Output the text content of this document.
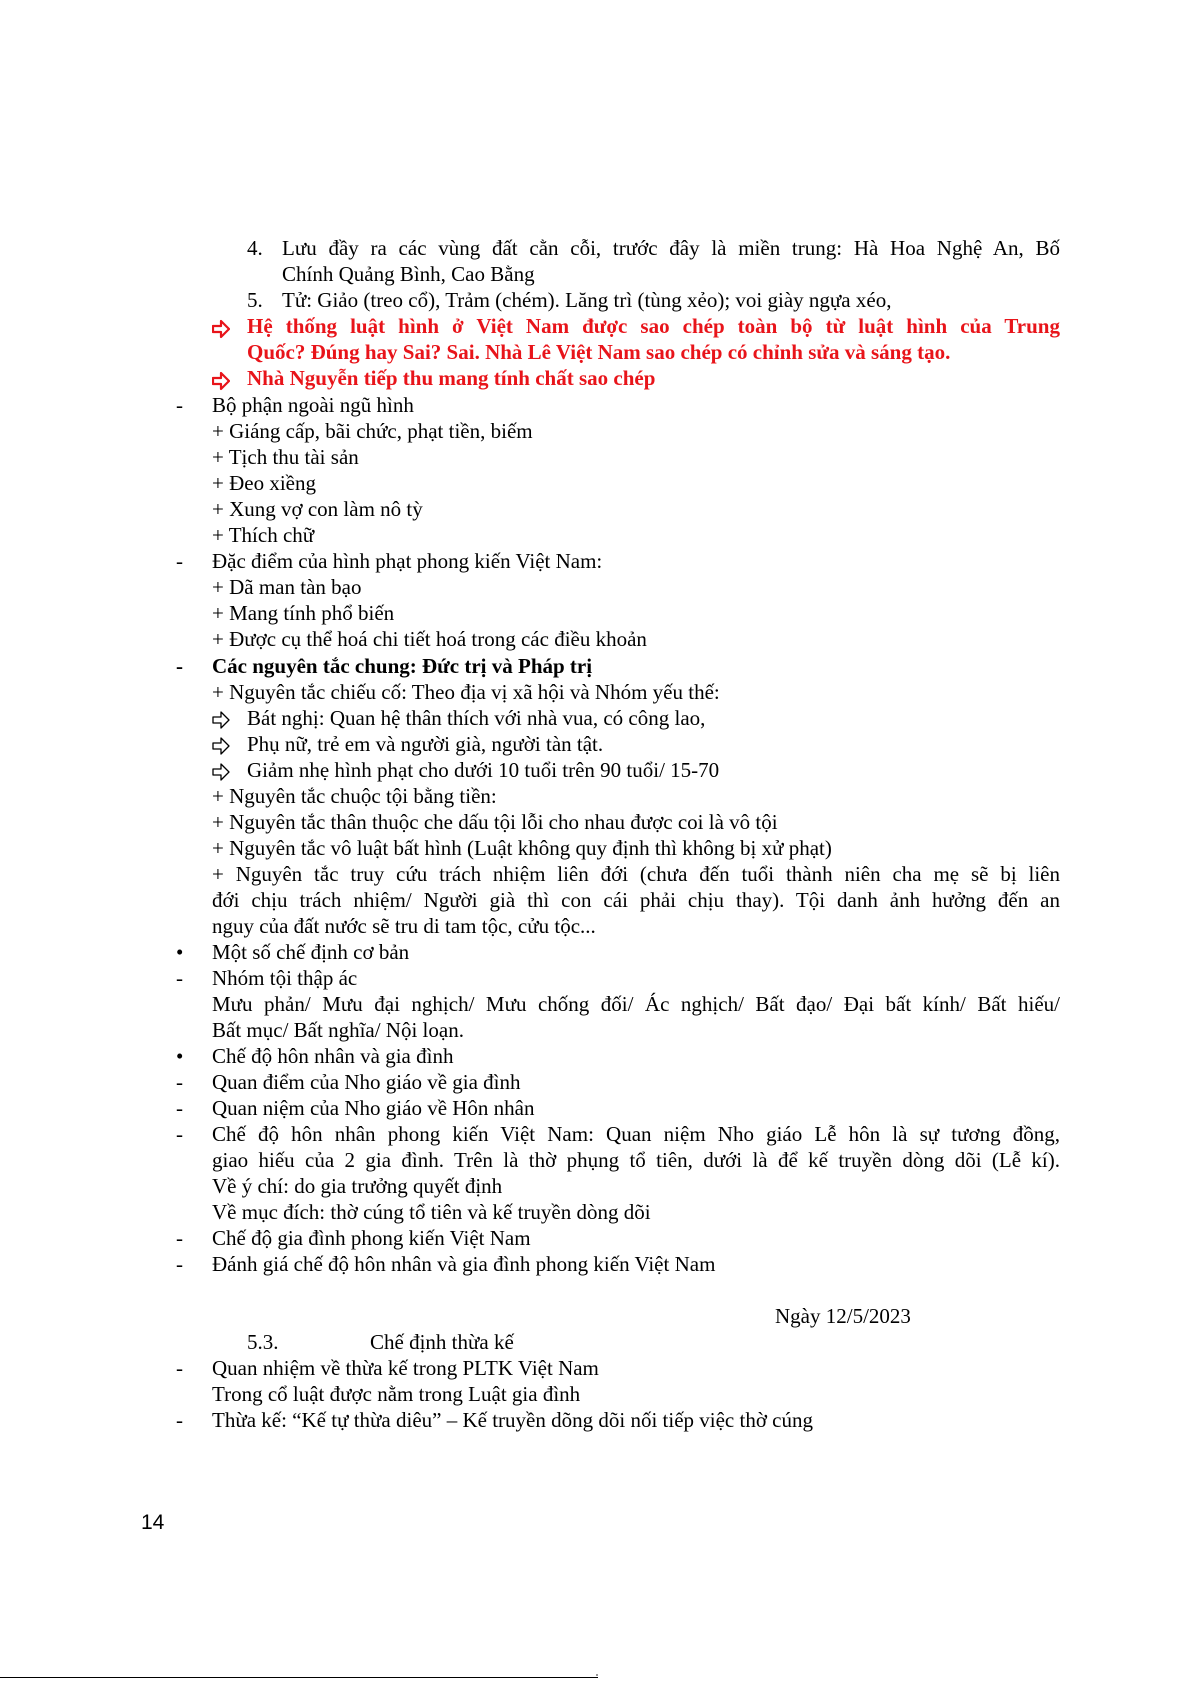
4. Lưu đầy ra các vùng đất cằn cỗi, trước đây là miền trung: Hà Hoa Nghệ An, Bố
Chính Quảng Bình, Cao Bằng
5. Tử: Giảo (treo cổ), Trảm (chém). Lăng trì (tùng xẻo); voi giày ngựa xéo,
Hệ thống luật hình ở Việt Nam được sao chép toàn bộ từ luật hình của Trung
Quốc? Đúng hay Sai? Sai. Nhà Lê Việt Nam sao chép có chỉnh sửa và sáng tạo.
Nhà Nguyễn tiếp thu mang tính chất sao chép
- Bộ phận ngoài ngũ hình
+ Giáng cấp, bãi chức, phạt tiền, biếm
+ Tịch thu tài sản
+ Đeo xiềng
+ Xung vợ con làm nô tỳ
+ Thích chữ
- Đặc điểm của hình phạt phong kiến Việt Nam:
+ Dã man tàn bạo
+ Mang tính phổ biến
+ Được cụ thể hoá chi tiết hoá trong các điều khoản
- Các nguyên tắc chung: Đức trị và Pháp trị
+ Nguyên tắc chiếu cố: Theo địa vị xã hội và Nhóm yếu thế:
Bát nghị: Quan hệ thân thích với nhà vua, có công lao,
Phụ nữ, trẻ em và người già, người tàn tật.
Giảm nhẹ hình phạt cho dưới 10 tuổi trên 90 tuổi/ 15-70
+ Nguyên tắc chuộc tội bằng tiền:
+ Nguyên tắc thân thuộc che dấu tội lỗi cho nhau được coi là vô tội
+ Nguyên tắc vô luật bất hình (Luật không quy định thì không bị xử phạt)
+ Nguyên tắc truy cứu trách nhiệm liên đới (chưa đến tuổi thành niên cha mẹ sẽ bị liên
đới chịu trách nhiệm/ Người già thì con cái phải chịu thay). Tội danh ảnh hưởng đến an
nguy của đất nước sẽ tru di tam tộc, cửu tộc...
• Một số chế định cơ bản
- Nhóm tội thập ác
Mưu phản/ Mưu đại nghịch/ Mưu chống đối/ Ác nghịch/ Bất đạo/ Đại bất kính/ Bất hiếu/
Bất mục/ Bất nghĩa/ Nội loạn.
• Chế độ hôn nhân và gia đình
- Quan điểm của Nho giáo về gia đình
- Quan niệm của Nho giáo về Hôn nhân
- Chế độ hôn nhân phong kiến Việt Nam: Quan niệm Nho giáo Lễ hôn là sự tương đồng,
giao hiếu của 2 gia đình. Trên là thờ phụng tổ tiên, dưới là để kế truyền dòng dõi (Lễ kí).
Về ý chí: do gia trưởng quyết định
Về mục đích: thờ cúng tổ tiên và kế truyền dòng dõi
- Chế độ gia đình phong kiến Việt Nam
- Đánh giá chế độ hôn nhân và gia đình phong kiến Việt Nam
Ngày 12/5/2023
5.3.	Chế định thừa kế
- Quan nhiệm về thừa kế trong PLTK Việt Nam
Trong cổ luật được nằm trong Luật gia đình
- Thừa kế: “Kế tự thừa diêu” – Kế truyền dõng dõi nối tiếp việc thờ cúng
14
